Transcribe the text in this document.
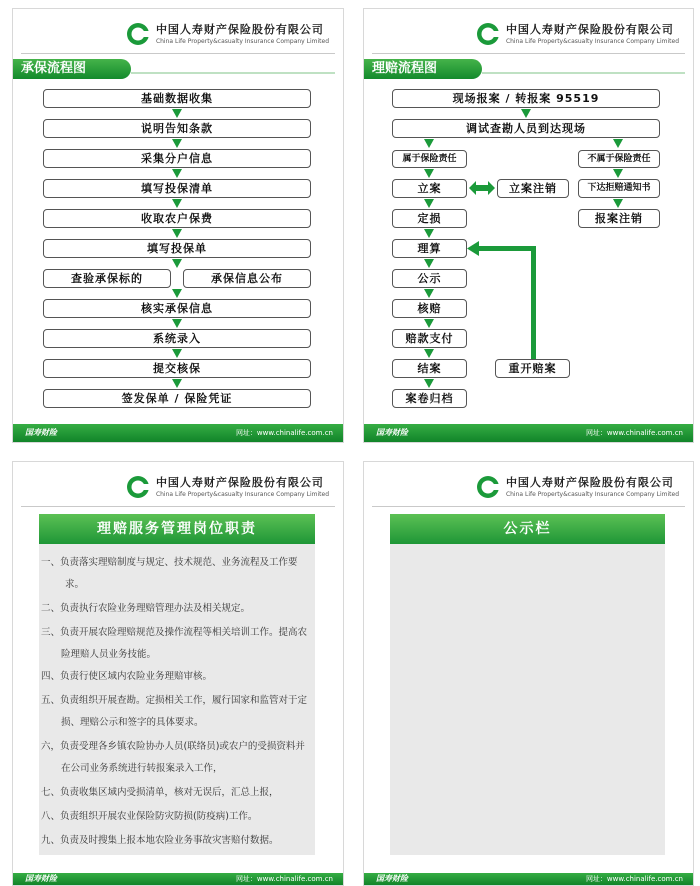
中国人寿财产保险股份有限公司
China Life Property&casualty Insurance Company Limited
承保流程图
基础数据收集
说明告知条款
采集分户信息
填写投保清单
收取农户保费
填写投保单
查验承保标的	承保信息公布
核实承保信息
系统录入
提交核保
签发保单 / 保险凭证
国寿财险	网址：www.chinalife.com.cn
中国人寿财产保险股份有限公司
China Life Property&casualty Insurance Company Limited
理赔流程图
现场报案 / 转报案 95519
调试查勘人员到达现场
属于保险责任	不属于保险责任
立案	立案注销	下达拒赔通知书
报案注销
定损
理算
公示
核赔
赔款支付
结案
案卷归档
重开赔案
国寿财险	网址：www.chinalife.com.cn
中国人寿财产保险股份有限公司
China Life Property&casualty Insurance Company Limited
理赔服务管理岗位职责
一、负责落实理赔制度与规定、技术规范、业务流程及工作要
求。
二、负责执行农险业务理赔管理办法及相关规定。
三、负责开展农险理赔规范及操作流程等相关培训工作。提高农
险理赔人员业务技能。
四、负责行使区域内农险业务理赔审核。
五、负责组织开展查勘。定损相关工作，履行国家和监管对于定
损、理赔公示和签字的具体要求。
六，负责受理各乡镇农险协办人员(联络员)或农户的受损资料并
在公司业务系统进行转报案录入工作，
七、负责收集区域内受损清单，核对无误后，汇总上报，
八、负责组织开展农业保险防灾防损(防疫病)工作。
九、负责及时搜集上报本地农险业务事故灾害赔付数据。
国寿财险	网址：www.chinalife.com.cn
中国人寿财产保险股份有限公司
China Life Property&casualty Insurance Company Limited
公示栏
国寿财险	网址：www.chinalife.com.cn
